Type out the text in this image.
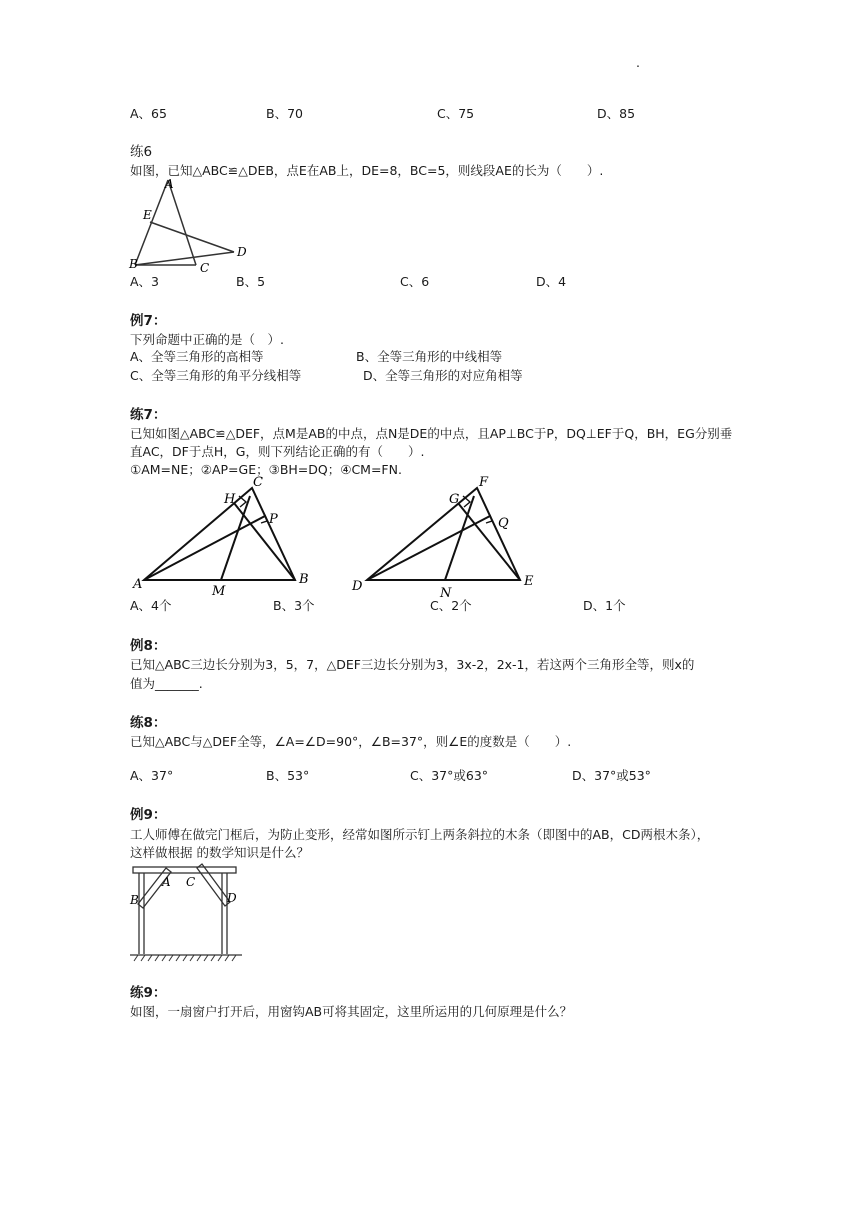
.
A、65	B、70	C、75	D、85
练6
如图，已知△ABC≌△DEB，点E在AB上，DE=8，BC=5，则线段AE的长为（　　）.
A
E
D
B	C
A、3	B、5	C、6	D、4
例7：
下列命题中正确的是（　）.
A、全等三角形的高相等	B、全等三角形的中线相等
C、全等三角形的角平分线相等	D、全等三角形的对应角相等
练7：
已知如图△ABC≌△DEF，点M是AB的中点，点N是DE的中点，且AP⊥BC于P，DQ⊥EF于Q，BH，EG分别垂
直AC，DF于点H，G，则下列结论正确的有（　　）.
①AM=NE；②AP=GE；③BH=DQ；④CM=FN.
A	B
C
H
P
M	D	E
F
G
Q
N
A、4个	B、3个	C、2个	D、1个
例8：
已知△ABC三边长分别为3，5，7，△DEF三边长分别为3，3x-2，2x-1，若这两个三角形全等，则x的
值为_______.
练8：
已知△ABC与△DEF全等，∠A=∠D=90°，∠B=37°，则∠E的度数是（　　）.
A、37°	B、53°	C、37°或63°	D、37°或53°
例9：
工人师傅在做完门框后，为防止变形，经常如图所示钉上两条斜拉的木条（即图中的AB，CD两根木条），
这样做根据 的数学知识是什么？
A
B
C
D
练9：
如图，一扇窗户打开后，用窗钩AB可将其固定，这里所运用的几何原理是什么？
